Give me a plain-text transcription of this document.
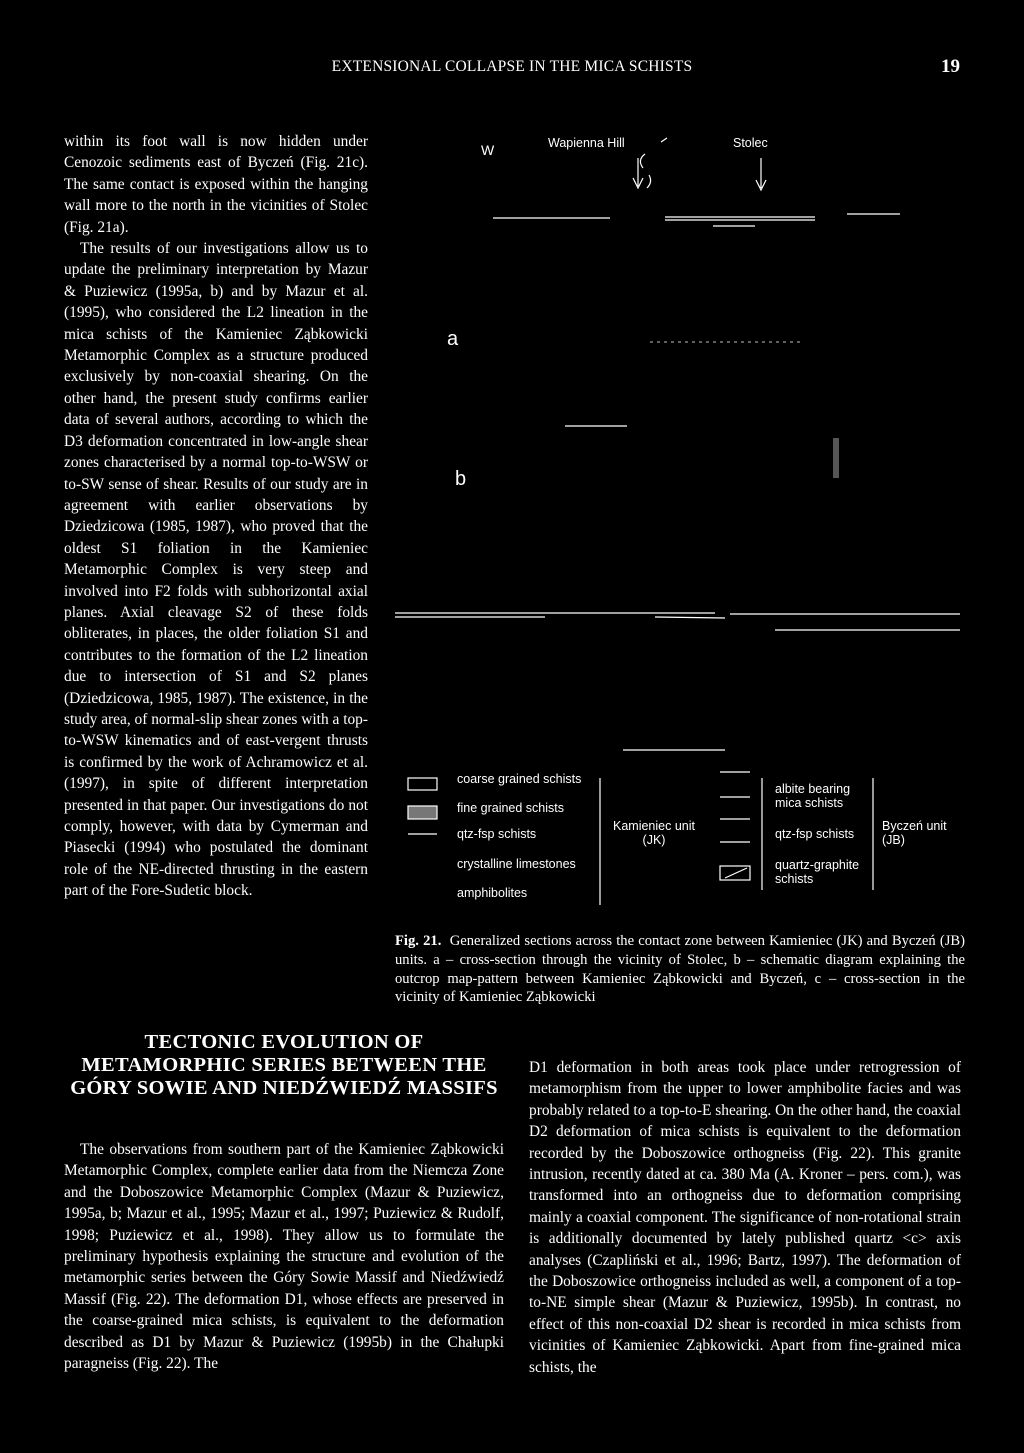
EXTENSIONAL COLLAPSE IN THE MICA SCHISTS	19

within its foot wall is now hidden under Cenozoic sediments east of Byczeń (Fig. 21c). The same contact is exposed within the hanging wall more to the north in the vicinities of Stolec (Fig. 21a).

The results of our investigations allow us to update the preliminary interpretation by Mazur & Puziewicz (1995a, b) and by Mazur et al. (1995), who considered the L2 lineation in the mica schists of the Kamieniec Ząbkowicki Metamorphic Complex as a structure produced exclusively by non-coaxial shearing. On the other hand, the present study confirms earlier data of several authors, according to which the D3 deformation concentrated in low-angle shear zones characterised by a normal top-to-WSW or to-SW sense of shear. Results of our study are in agreement with earlier observations by Dziedzicowa (1985, 1987), who proved that the oldest S1 foliation in the Kamieniec Metamorphic Complex is very steep and involved into F2 folds with subhorizontal axial planes. Axial cleavage S2 of these folds obliterates, in places, the older foliation S1 and contributes to the formation of the L2 lineation due to intersection of S1 and S2 planes (Dziedzicowa, 1985, 1987). The existence, in the study area, of normal-slip shear zones with a top-to-WSW kinematics and of east-vergent thrusts is confirmed by the work of Achramowicz et al. (1997), in spite of different interpretation presented in that paper. Our investigations do not comply, however, with data by Cymerman and Piasecki (1994) who postulated the dominant role of the NE-directed thrusting in the eastern part of the Fore-Sudetic block.

W	Wapienna Hill	Stolec
a
b
coarse grained schists
fine grained schists
qtz-fsp schists
crystalline limestones
amphibolites
Kamieniec unit (JK)
albite bearing mica schists
qtz-fsp schists
quartz-graphite schists
Byczeń unit (JB)
Fig. 21. Generalized sections across the contact zone between Kamieniec (JK) and Byczeń (JB) units. a – cross-section through the vicinity of Stolec, b – schematic diagram explaining the outcrop map-pattern between Kamieniec Ząbkowicki and Byczeń, c – cross-section in the vicinity of Kamieniec Ząbkowicki
TECTONIC EVOLUTION OF METAMORPHIC SERIES BETWEEN THE GÓRY SOWIE AND NIEDŹWIEDŹ MASSIFS

The observations from southern part of the Kamieniec Ząbkowicki Metamorphic Complex, complete earlier data from the Niemcza Zone and the Doboszowice Metamorphic Complex (Mazur & Puziewicz, 1995a, b; Mazur et al., 1995; Mazur et al., 1997; Puziewicz & Rudolf, 1998; Puziewicz et al., 1998). They allow us to formulate the preliminary hypothesis explaining the structure and evolution of the metamorphic series between the Góry Sowie Massif and Niedźwiedź Massif (Fig. 22). The deformation D1, whose effects are preserved in the coarse-grained mica schists, is equivalent to the deformation described as D1 by Mazur & Puziewicz (1995b) in the Chałupki paragneiss (Fig. 22). The

D1 deformation in both areas took place under retrogression of metamorphism from the upper to lower amphibolite facies and was probably related to a top-to-E shearing. On the other hand, the coaxial D2 deformation of mica schists is equivalent to the deformation recorded by the Doboszowice orthogneiss (Fig. 22). This granite intrusion, recently dated at ca. 380 Ma (A. Kroner – pers. com.), was transformed into an orthogneiss due to deformation comprising mainly a coaxial component. The significance of non-rotational strain is additionally documented by lately published quartz <c> axis analyses (Czapliński et al., 1996; Bartz, 1997). The deformation of the Doboszowice orthogneiss included as well, a component of a top-to-NE simple shear (Mazur & Puziewicz, 1995b). In contrast, no effect of this non-coaxial D2 shear is recorded in mica schists from vicinities of Kamieniec Ząbkowicki. Apart from fine-grained mica schists, the
